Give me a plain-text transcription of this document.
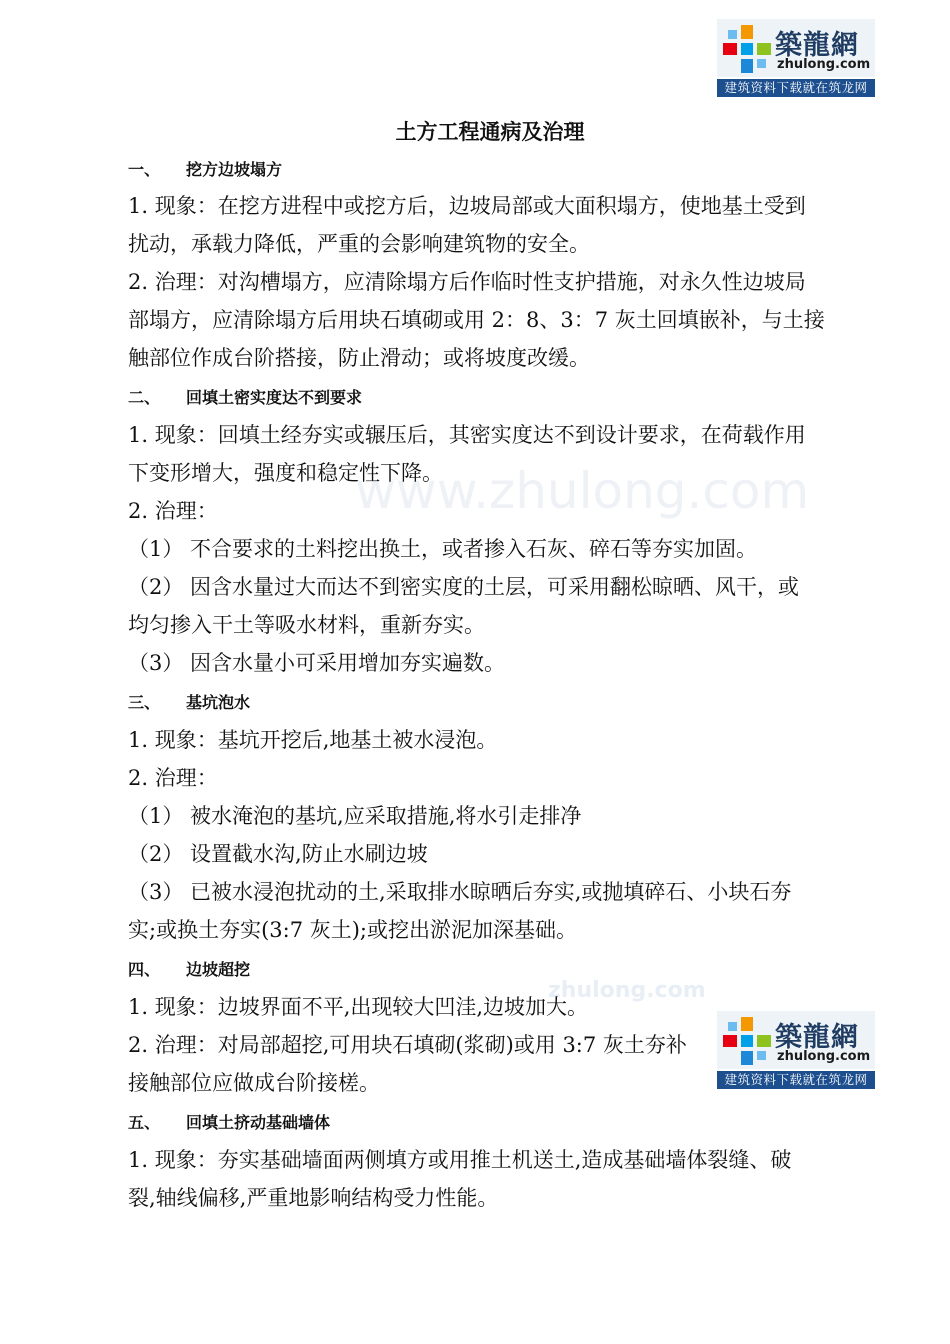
www.zhulong.com
zhulong.com
築龍網
zhulong.com
建筑资料下载就在筑龙网
築龍網
zhulong.com
建筑资料下载就在筑龙网
土方工程通病及治理
一、 挖方边坡塌方
二、 回填土密实度达不到要求
三、 基坑泡水
四、 边坡超挖
五、 回填土挤动基础墙体
1. 现象：在挖方进程中或挖方后，边坡局部或大面积塌方，使地基土受到
扰动，承载力降低，严重的会影响建筑物的安全。
2. 治理：对沟槽塌方，应清除塌方后作临时性支护措施，对永久性边坡局
部塌方，应清除塌方后用块石填砌或用 2：8、3：7 灰土回填嵌补，与土接
触部位作成台阶搭接，防止滑动；或将坡度改缓。
1. 现象：回填土经夯实或辗压后，其密实度达不到设计要求，在荷载作用
下变形增大，强度和稳定性下降。
2. 治理：
（1） 不合要求的土料挖出换土，或者掺入石灰、碎石等夯实加固。
（2） 因含水量过大而达不到密实度的土层，可采用翻松晾晒、风干，或
均匀掺入干土等吸水材料，重新夯实。
（3） 因含水量小可采用增加夯实遍数。
1. 现象：基坑开挖后,地基土被水浸泡。
2. 治理：
（1） 被水淹泡的基坑,应采取措施,将水引走排净
（2） 设置截水沟,防止水刷边坡
（3） 已被水浸泡扰动的土,采取排水晾晒后夯实,或抛填碎石、小块石夯
实;或换土夯实(3:7 灰土);或挖出淤泥加深基础。
1. 现象：边坡界面不平,出现较大凹洼,边坡加大。
2. 治理：对局部超挖,可用块石填砌(浆砌)或用 3:7 灰土夯补
接触部位应做成台阶接槎。
1. 现象：夯实基础墙面两侧填方或用推土机送土,造成基础墙体裂缝、破
裂,轴线偏移,严重地影响结构受力性能。
